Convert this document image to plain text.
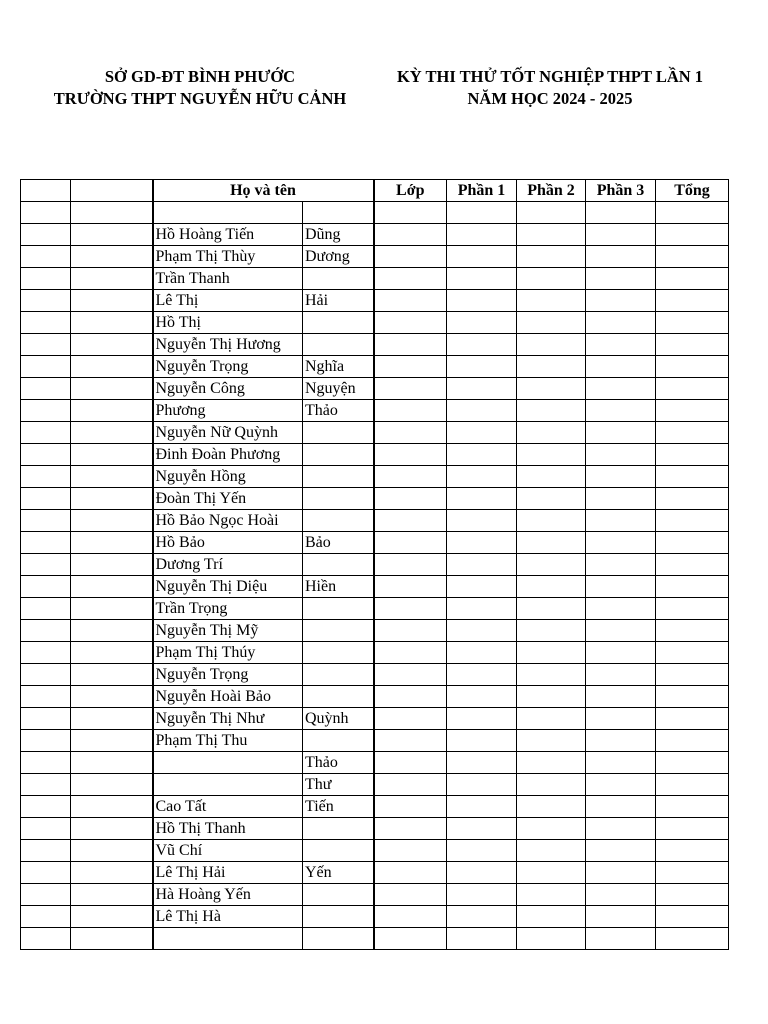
SỞ GD-ĐT BÌNH PHƯỚC
TRƯỜNG THPT NGUYỄN HỮU CẢNH
KỲ THI THỬ TỐT NGHIỆP THPT LẦN 1
NĂM HỌC 2024 - 2025
		Họ và tên		Lớp	Phần 1	Phần 2	Phần 3	Tổng

		Hồ Hoàng Tiến	Dũng					
		Phạm Thị Thùy	Dương					
		Trần Thanh						
		Lê Thị	Hải					
		Hồ Thị						
		Nguyễn Thị Hương						
		Nguyễn Trọng	Nghĩa					
		Nguyễn Công	Nguyện					
		Phương	Thảo					
		Nguyễn Nữ Quỳnh						
		Đinh Đoàn Phương						
		Nguyễn Hồng						
		Đoàn Thị Yến						
		Hồ Bảo Ngọc Hoài						
		Hồ Bảo	Bảo					
		Dương Trí						
		Nguyễn Thị Diệu	Hiền					
		Trần Trọng						
		Nguyễn Thị Mỹ						
		Phạm Thị Thúy						
		Nguyễn Trọng						
		Nguyễn Hoài Bảo						
		Nguyễn Thị Như	Quỳnh					
		Phạm Thị Thu						
			Thảo					
			Thư					
		Cao Tất	Tiến					
		Hồ Thị Thanh						
		Vũ Chí						
		Lê Thị Hải	Yến					
		Hà Hoàng Yến						
		Lê Thị Hà						
